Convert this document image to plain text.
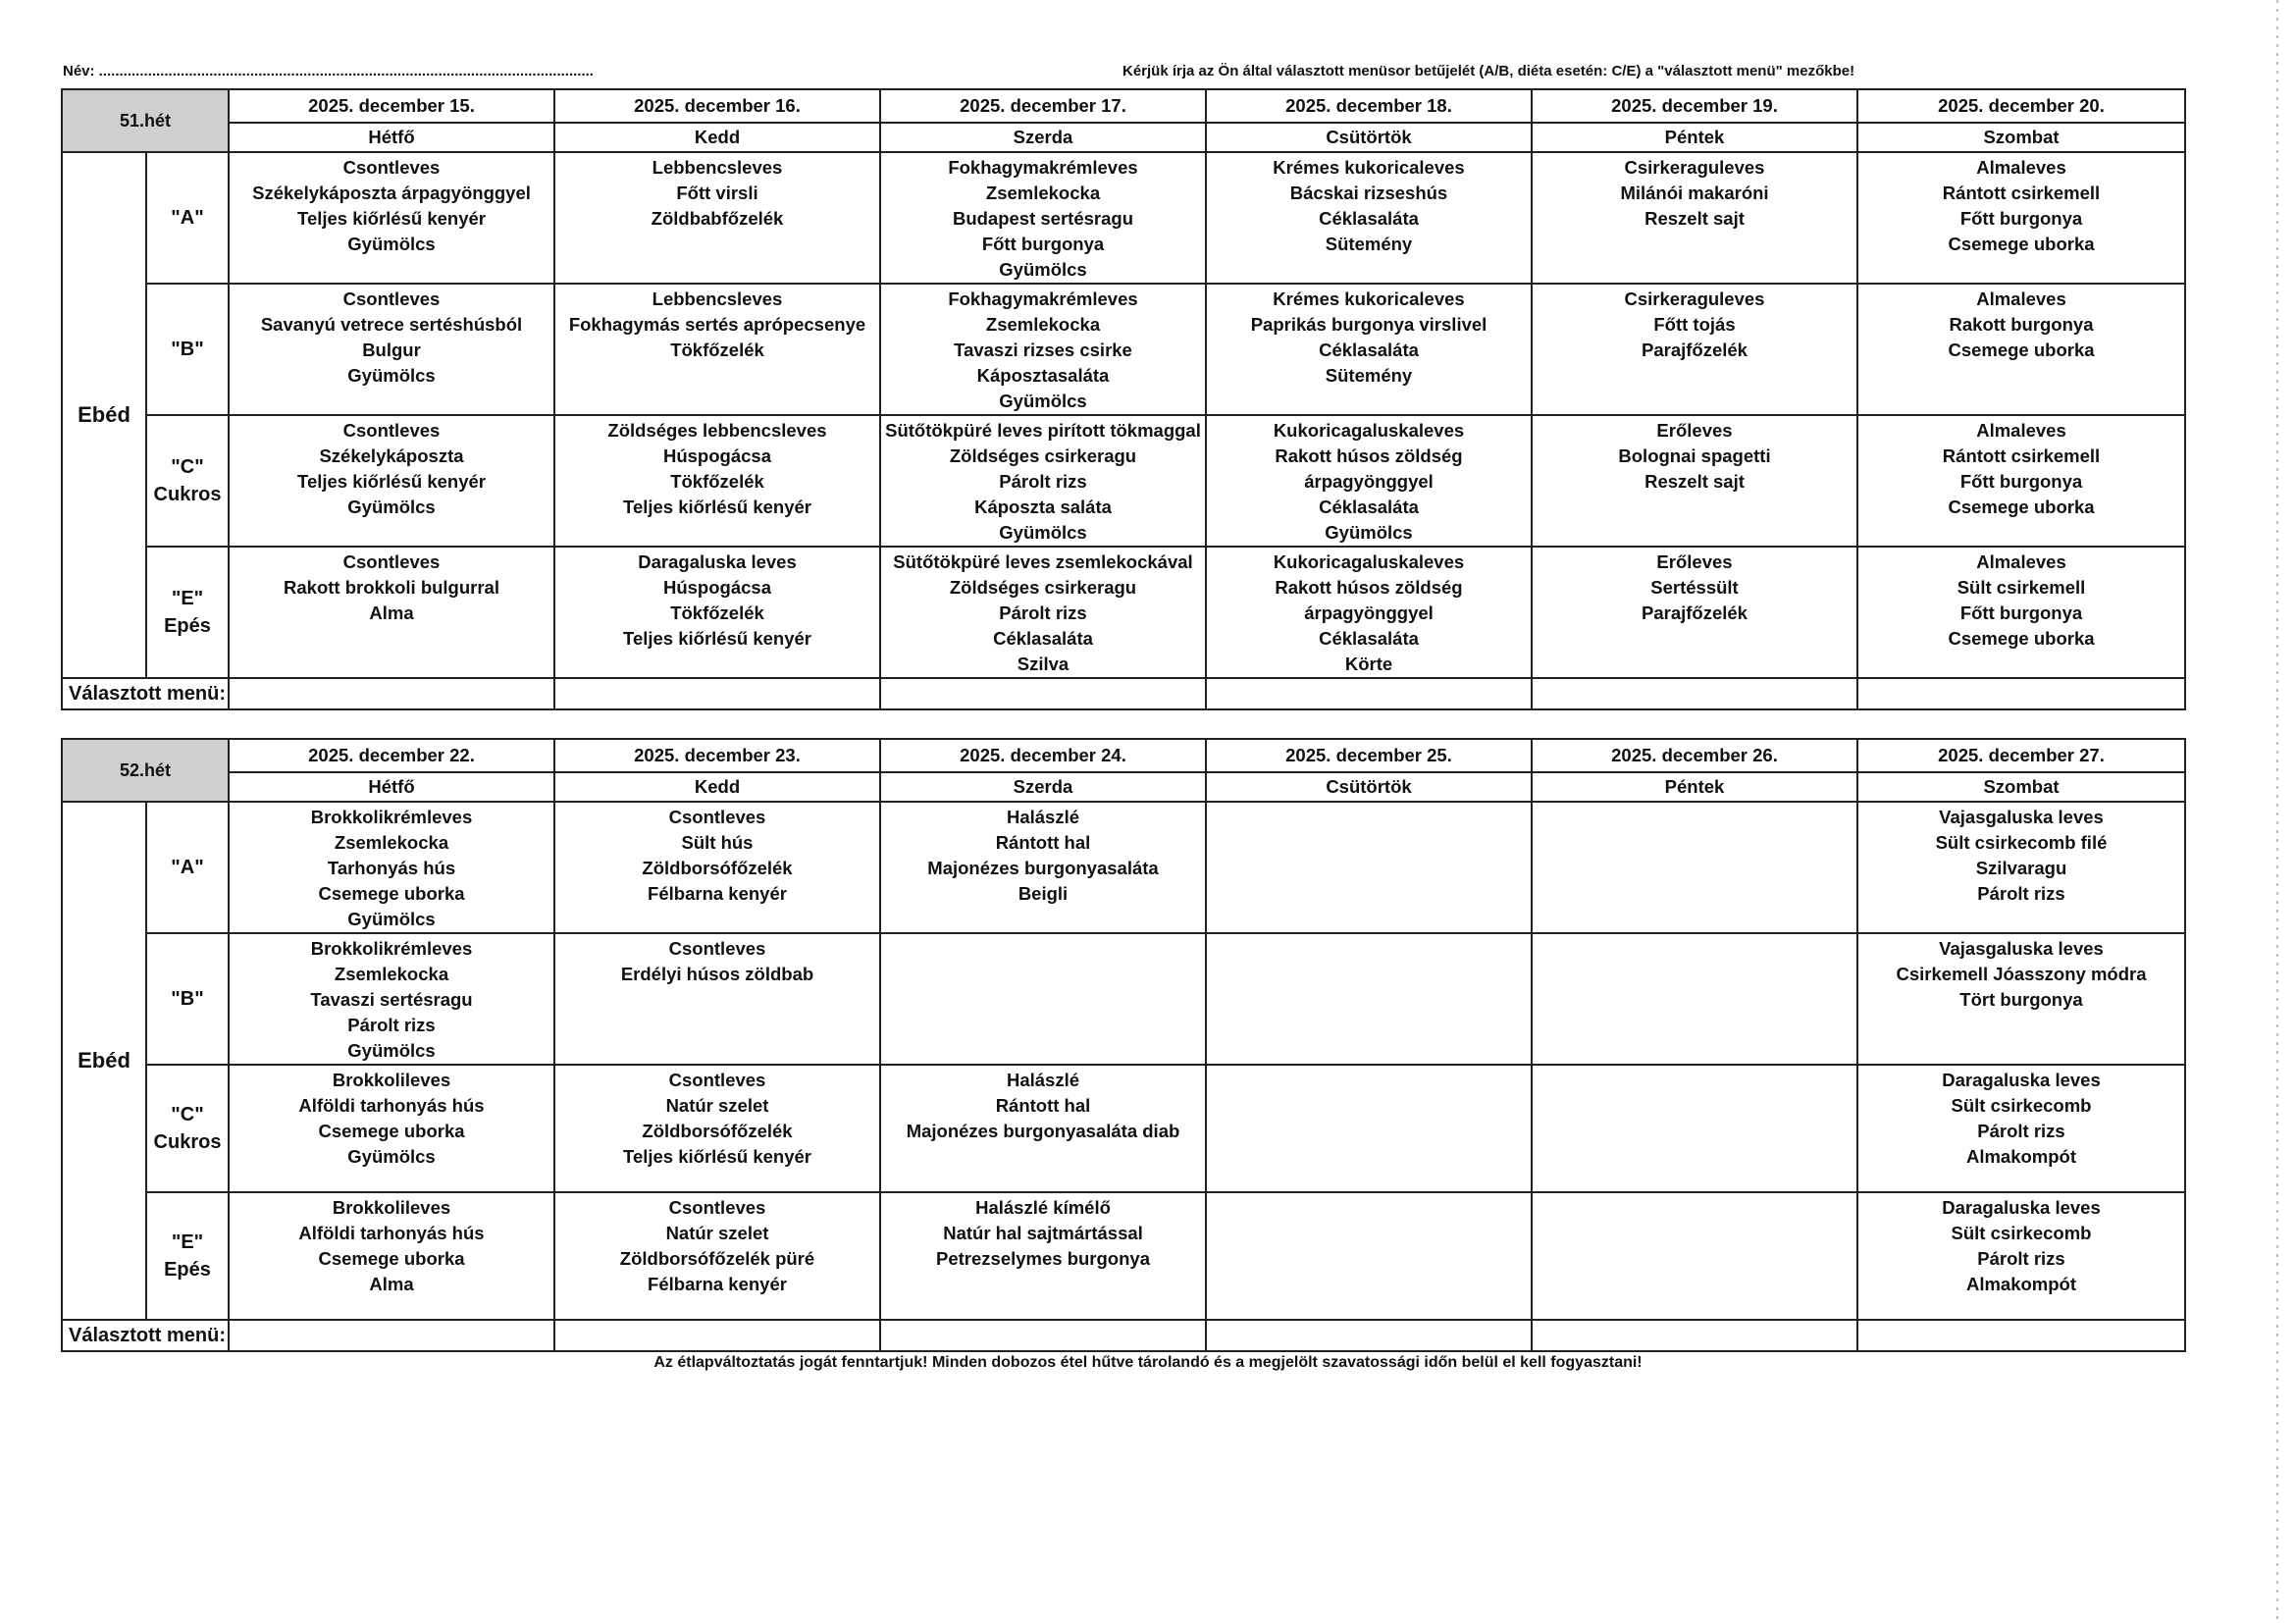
Név: .........................................................................................................................	Kérjük írja az Ön által választott menüsor betűjelét (A/B, diéta esetén: C/E) a "választott menü" mezőkbe!
51.hét		2025. december 15.	2025. december 16.	2025. december 17.	2025. december 18.	2025. december 19.	2025. december 20.
		Hétfő	Kedd	Szerda	Csütörtök	Péntek	Szombat
Ebéd	"A"	Csontleves
Székelykáposzta árpagyönggyel
Teljes kiőrlésű kenyér
Gyümölcs	Lebbencsleves
Főtt virsli
Zöldbabfőzelék	Fokhagymakrémleves
Zsemlekocka
Budapest sertésragu
Főtt burgonya
Gyümölcs	Krémes kukoricaleves
Bácskai rizseshús
Céklasaláta
Sütemény	Csirkeraguleves
Milánói makaróni
Reszelt sajt	Almaleves
Rántott csirkemell
Főtt burgonya
Csemege uborka

	"B"	Csontleves
Savanyú vetrece sertéshúsból
Bulgur
Gyümölcs	Lebbencsleves
Fokhagymás sertés aprópecsenye
Tökfőzelék	Fokhagymakrémleves
Zsemlekocka
Tavaszi rizses csirke
Káposztasaláta
Gyümölcs	Krémes kukoricaleves
Paprikás burgonya virslivel
Céklasaláta
Sütemény	Csirkeraguleves
Főtt tojás
Parajfőzelék	Almaleves
Rakott burgonya
Csemege uborka

	"C"
Cukros	Csontleves
Székelykáposzta
Teljes kiőrlésű kenyér
Gyümölcs	Zöldséges lebbencsleves
Húspogácsa
Tökfőzelék
Teljes kiőrlésű kenyér	Sütőtökpüré leves pirított tökmaggal
Zöldséges csirkeragu
Párolt rizs
Káposzta saláta
Gyümölcs	Kukoricagaluskaleves
Rakott húsos zöldség
árpagyönggyel
Céklasaláta
Gyümölcs	Erőleves
Bolognai spagetti
Reszelt sajt	Almaleves
Rántott csirkemell
Főtt burgonya
Csemege uborka

	"E"
Epés	Csontleves
Rakott brokkoli bulgurral
Alma	Daragaluska leves
Húspogácsa
Tökfőzelék
Teljes kiőrlésű kenyér	Sütőtökpüré leves zsemlekockával
Zöldséges csirkeragu
Párolt rizs
Céklasaláta
Szilva	Kukoricagaluskaleves
Rakott húsos zöldség
árpagyönggyel
Céklasaláta
Körte	Erőleves
Sertéssült
Parajfőzelék	Almaleves
Sült csirkemell
Főtt burgonya
Csemege uborka

Választott menü:							
52.hét		2025. december 22.	2025. december 23.	2025. december 24.	2025. december 25.	2025. december 26.	2025. december 27.
		Hétfő	Kedd	Szerda	Csütörtök	Péntek	Szombat
Ebéd	"A"	Brokkolikrémleves
Zsemlekocka
Tarhonyás hús
Csemege uborka
Gyümölcs	Csontleves
Sült hús
Zöldborsófőzelék
Félbarna kenyér	Halászlé
Rántott hal
Majonézes burgonyasaláta
Beigli			Vajasgaluska leves
Sült csirkecomb filé
Szilvaragu
Párolt rizs

	"B"	Brokkolikrémleves
Zsemlekocka
Tavaszi sertésragu
Párolt rizs
Gyümölcs	Csontleves
Erdélyi húsos zöldbab				Vajasgaluska leves
Csirkemell Jóasszony módra
Tört burgonya

	"C"
Cukros	Brokkolileves
Alföldi tarhonyás hús
Csemege uborka
Gyümölcs	Csontleves
Natúr szelet
Zöldborsófőzelék
Teljes kiőrlésű kenyér	Halászlé
Rántott hal
Majonézes burgonyasaláta diab			Daragaluska leves
Sült csirkecomb
Párolt rizs
Almakompót

	"E"
Epés	Brokkolileves
Alföldi tarhonyás hús
Csemege uborka
Alma	Csontleves
Natúr szelet
Zöldborsófőzelék püré
Félbarna kenyér	Halászlé kímélő
Natúr hal sajtmártással
Petrezselymes burgonya			Daragaluska leves
Sült csirkecomb
Párolt rizs
Almakompót

Választott menü:							
Az étlapváltoztatás jogát fenntartjuk! Minden dobozos étel hűtve tárolandó és a megjelölt szavatossági időn belül el kell fogyasztani!
